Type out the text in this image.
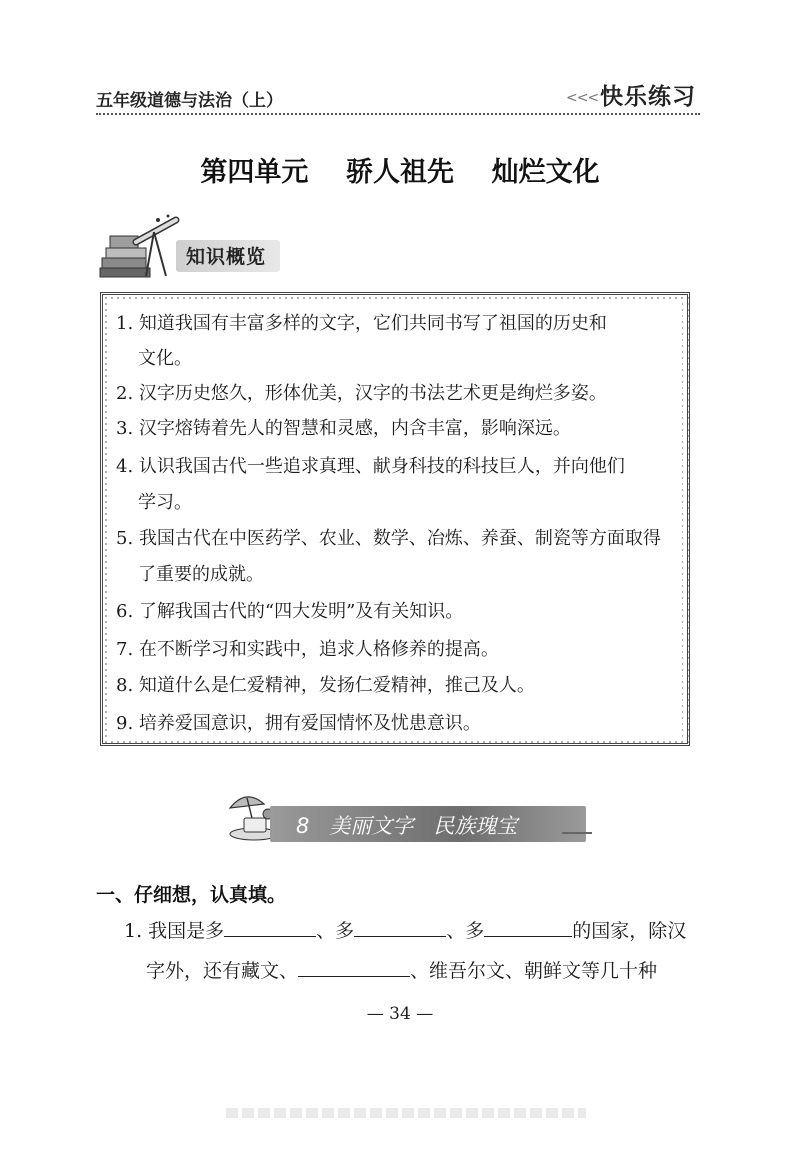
五年级道德与法治（上）	<<< 快乐练习
第四单元    骄人祖先    灿烂文化
知识概览
1. 知道我国有丰富多样的文字，它们共同书写了祖国的历史和
文化。
2. 汉字历史悠久，形体优美，汉字的书法艺术更是绚烂多姿。
3. 汉字熔铸着先人的智慧和灵感，内含丰富，影响深远。
4. 认识我国古代一些追求真理、献身科技的科技巨人，并向他们
学习。
5. 我国古代在中医药学、农业、数学、冶炼、养蚕、制瓷等方面取得
了重要的成就。
6. 了解我国古代的“四大发明”及有关知识。
7. 在不断学习和实践中，追求人格修养的提高。
8. 知道什么是仁爱精神，发扬仁爱精神，推己及人。
9. 培养爱国意识，拥有爱国情怀及忧患意识。
8   美丽文字   民族瑰宝
一、仔细想，认真填。
1. 我国是多	、多	、多	的国家，除汉
字外，还有藏文、	、维吾尔文、朝鲜文等几十种
— 34 —
